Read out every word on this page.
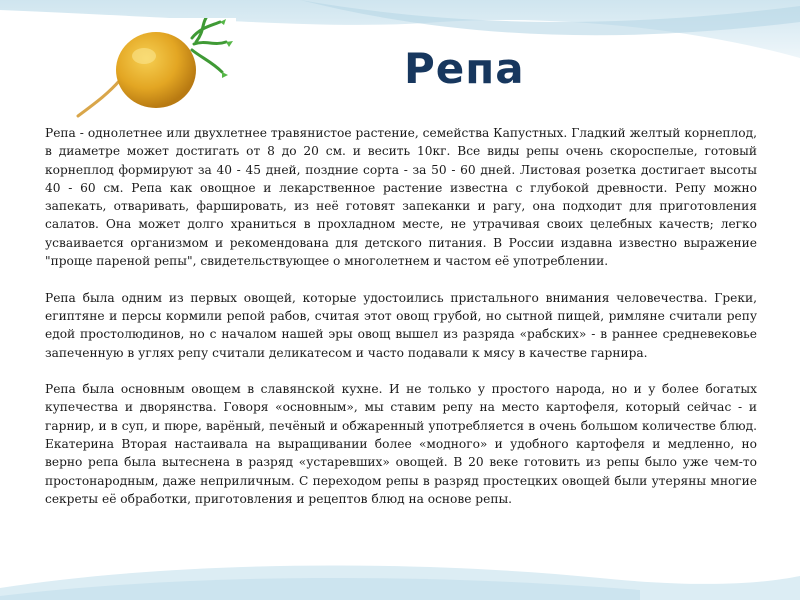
Репа

Репа - однолетнее или двухлетнее травянистое растение, семейства Капустных. Гладкий желтый корнеплод, в диаметре может достигать от 8 до 20 см. и весить 10кг. Все виды репы очень скороспелые, готовый корнеплод формируют за 40 - 45 дней, поздние сорта - за 50 - 60 дней. Листовая розетка достигает высоты 40 - 60 см. Репа как овощное и лекарственное растение известна с глубокой древности. Репу можно запекать, отваривать, фаршировать, из неё готовят запеканки и рагу, она подходит для приготовления салатов. Она может долго храниться в прохладном месте, не утрачивая своих целебных качеств; легко усваивается организмом и рекомендована для детского питания. В России издавна известно выражение "проще пареной репы", свидетельствующее о многолетнем и частом её употреблении.

Репа была одним из первых овощей, которые удостоились пристального внимания человечества. Греки, египтяне и персы кормили репой рабов, считая этот овощ грубой, но сытной пищей, римляне считали репу едой простолюдинов, но с началом нашей эры овощ вышел из разряда «рабских» - в раннее средневековье запеченную в углях репу считали деликатесом и часто подавали к мясу в качестве гарнира.

Репа была основным овощем в славянской кухне. И не только у простого народа, но и у более богатых купечества и дворянства. Говоря «основным», мы ставим репу на место картофеля, который сейчас - и гарнир, и в суп, и пюре, варёный, печёный и обжаренный употребляется в очень большом количестве блюд. Екатерина Вторая настаивала на выращивании более «модного» и удобного картофеля и медленно, но верно репа была вытеснена в разряд «устаревших» овощей. В 20 веке готовить из репы было уже чем-то простонародным, даже неприличным. С переходом репы в разряд простецких овощей были утеряны многие секреты её обработки, приготовления и рецептов блюд на основе репы.
